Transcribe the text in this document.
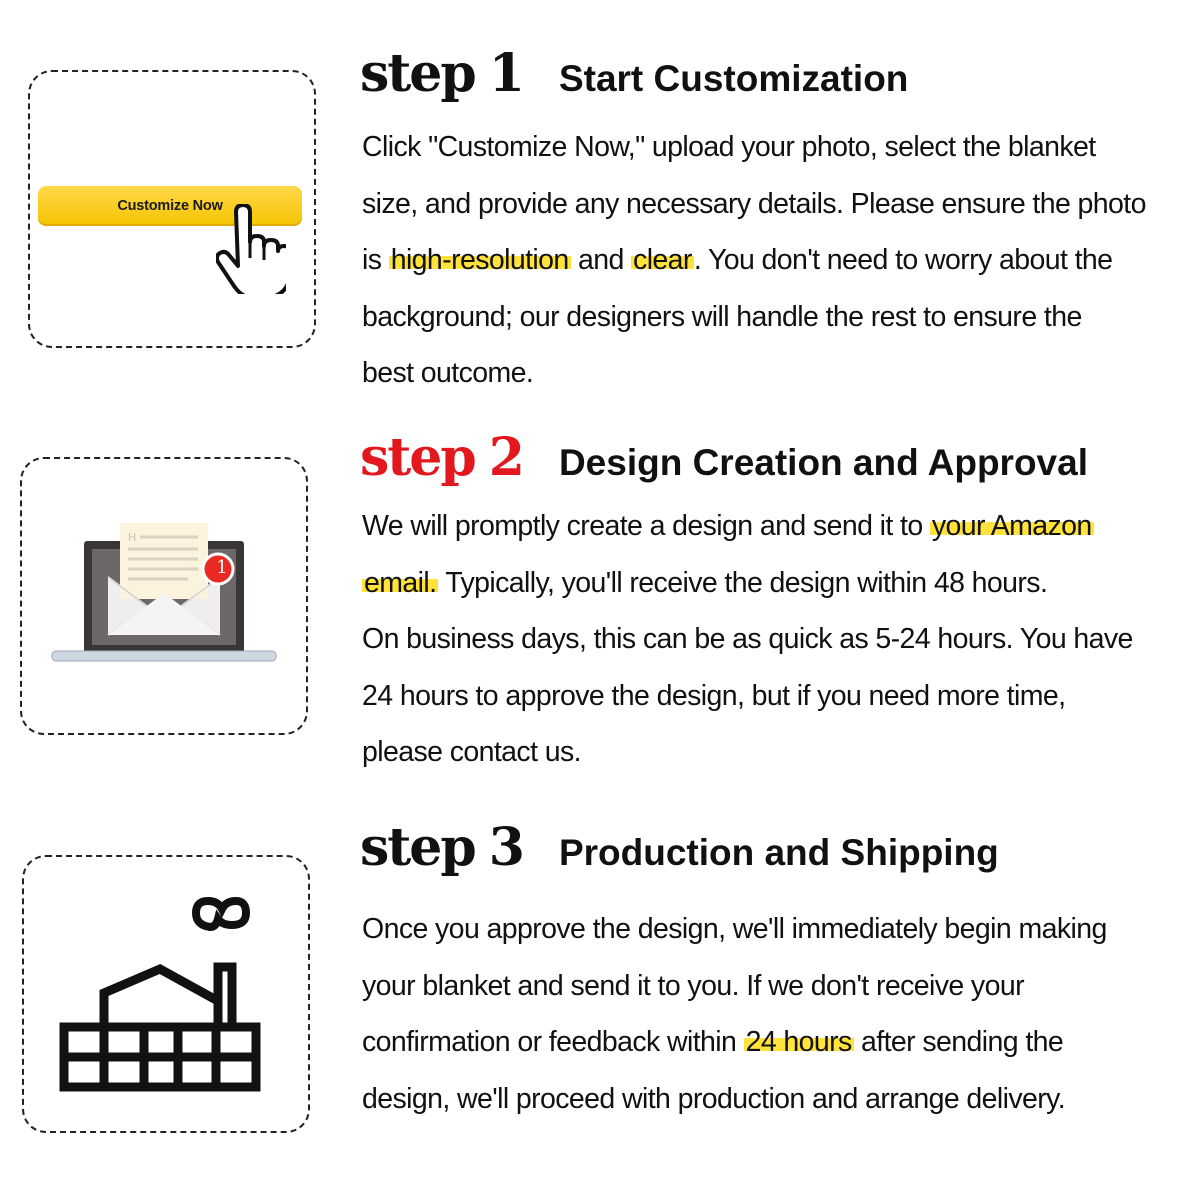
Customize Now
step 1 Start Customization
Click "Customize Now," upload your photo, select the blanket
size, and provide any necessary details. Please ensure the photo
is high-resolution and clear. You don't need to worry about the
background; our designers will handle the rest to ensure the
best outcome.
H
1
step 2 Design Creation and Approval
We will promptly create a design and send it to your Amazon
email. Typically, you'll receive the design within 48 hours.
On business days, this can be as quick as 5-24 hours. You have
24 hours to approve the design, but if you need more time,
please contact us.
step 3 Production and Shipping
Once you approve the design, we'll immediately begin making
your blanket and send it to you. If we don't receive your
confirmation or feedback within 24 hours after sending the
design, we'll proceed with production and arrange delivery.
